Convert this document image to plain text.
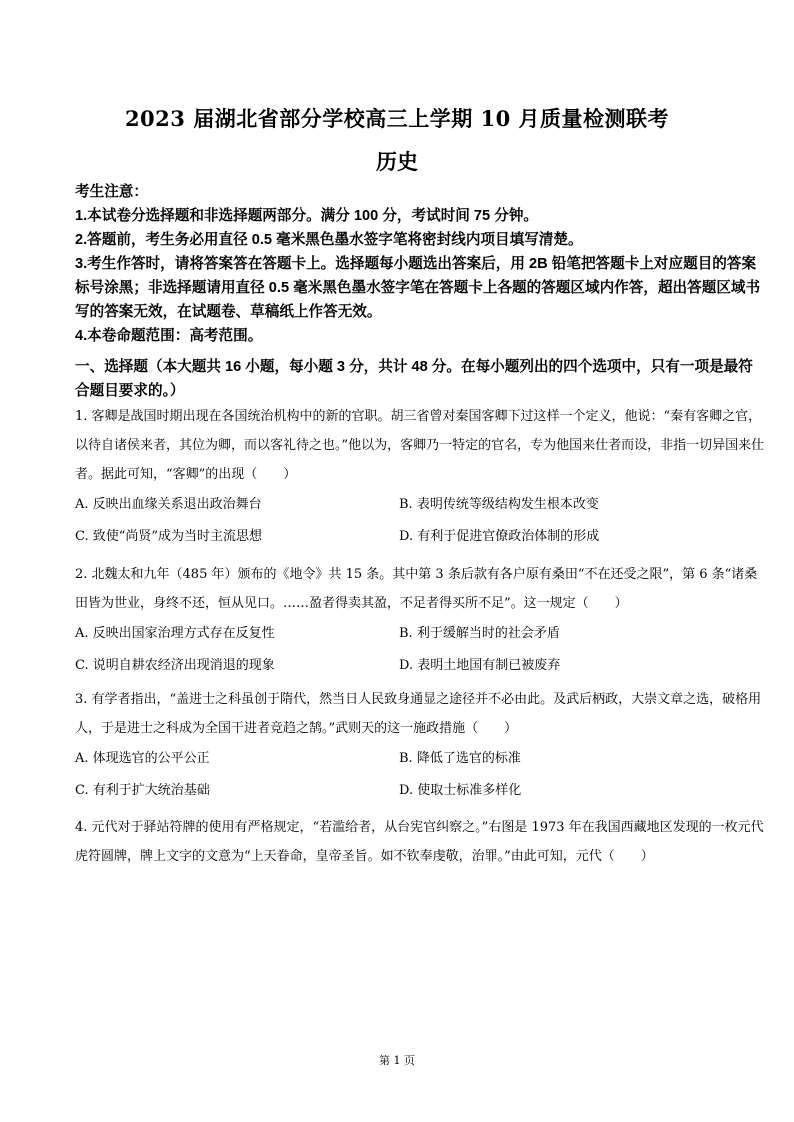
2023 届湖北省部分学校高三上学期 10 月质量检测联考
历史

考生注意：

1.本试卷分选择题和非选择题两部分。满分 100 分，考试时间 75 分钟。

2.答题前，考生务必用直径 0.5 毫米黑色墨水签字笔将密封线内项目填写清楚。

3.考生作答时，请将答案答在答题卡上。选择题每小题选出答案后，用 2B 铅笔把答题卡上对应题目的答案标号涂黑；非选择题请用直径 0.5 毫米黑色墨水签字笔在答题卡上各题的答题区域内作答，超出答题区域书写的答案无效，在试题卷、草稿纸上作答无效。

4.本卷命题范围：高考范围。

一、选择题（本大题共 16 小题，每小题 3 分，共计 48 分。在每小题列出的四个选项中，只有一项是最符合题目要求的。）

1. 客卿是战国时期出现在各国统治机构中的新的官职。胡三省曾对秦国客卿下过这样一个定义，他说：“秦有客卿之官，以待自诸侯来者，其位为卿，而以客礼待之也。”他以为，客卿乃一特定的官名，专为他国来仕者而设，非指一切异国来仕者。据此可知，“客卿”的出现（　　）

A. 反映出血缘关系退出政治舞台	B. 表明传统等级结构发生根本改变
C. 致使“尚贤”成为当时主流思想	D. 有利于促进官僚政治体制的形成

2. 北魏太和九年（485 年）颁布的《地令》共 15 条。其中第 3 条后款有各户原有桑田“不在还受之限”，第 6 条“诸桑田皆为世业，身终不还，恒从见口。……盈者得卖其盈，不足者得买所不足”。这一规定（　　）

A. 反映出国家治理方式存在反复性	B. 利于缓解当时的社会矛盾
C. 说明自耕农经济出现消退的现象	D. 表明土地国有制已被废弃

3. 有学者指出，“盖进士之科虽创于隋代，然当日人民致身通显之途径并不必由此。及武后柄政，大崇文章之选，破格用人，于是进士之科成为全国干进者竞趋之鹄。”武则天的这一施政措施（　　）

A. 体现选官的公平公正	B. 降低了选官的标准
C. 有利于扩大统治基础	D. 使取士标准多样化

4. 元代对于驿站符牌的使用有严格规定，“若滥给者，从台宪官纠察之。”右图是 1973 年在我国西藏地区发现的一枚元代虎符圆牌，牌上文字的文意为“上天眷命，皇帝圣旨。如不钦奉虔敬，治罪。”由此可知，元代（　　）

第 1 页
